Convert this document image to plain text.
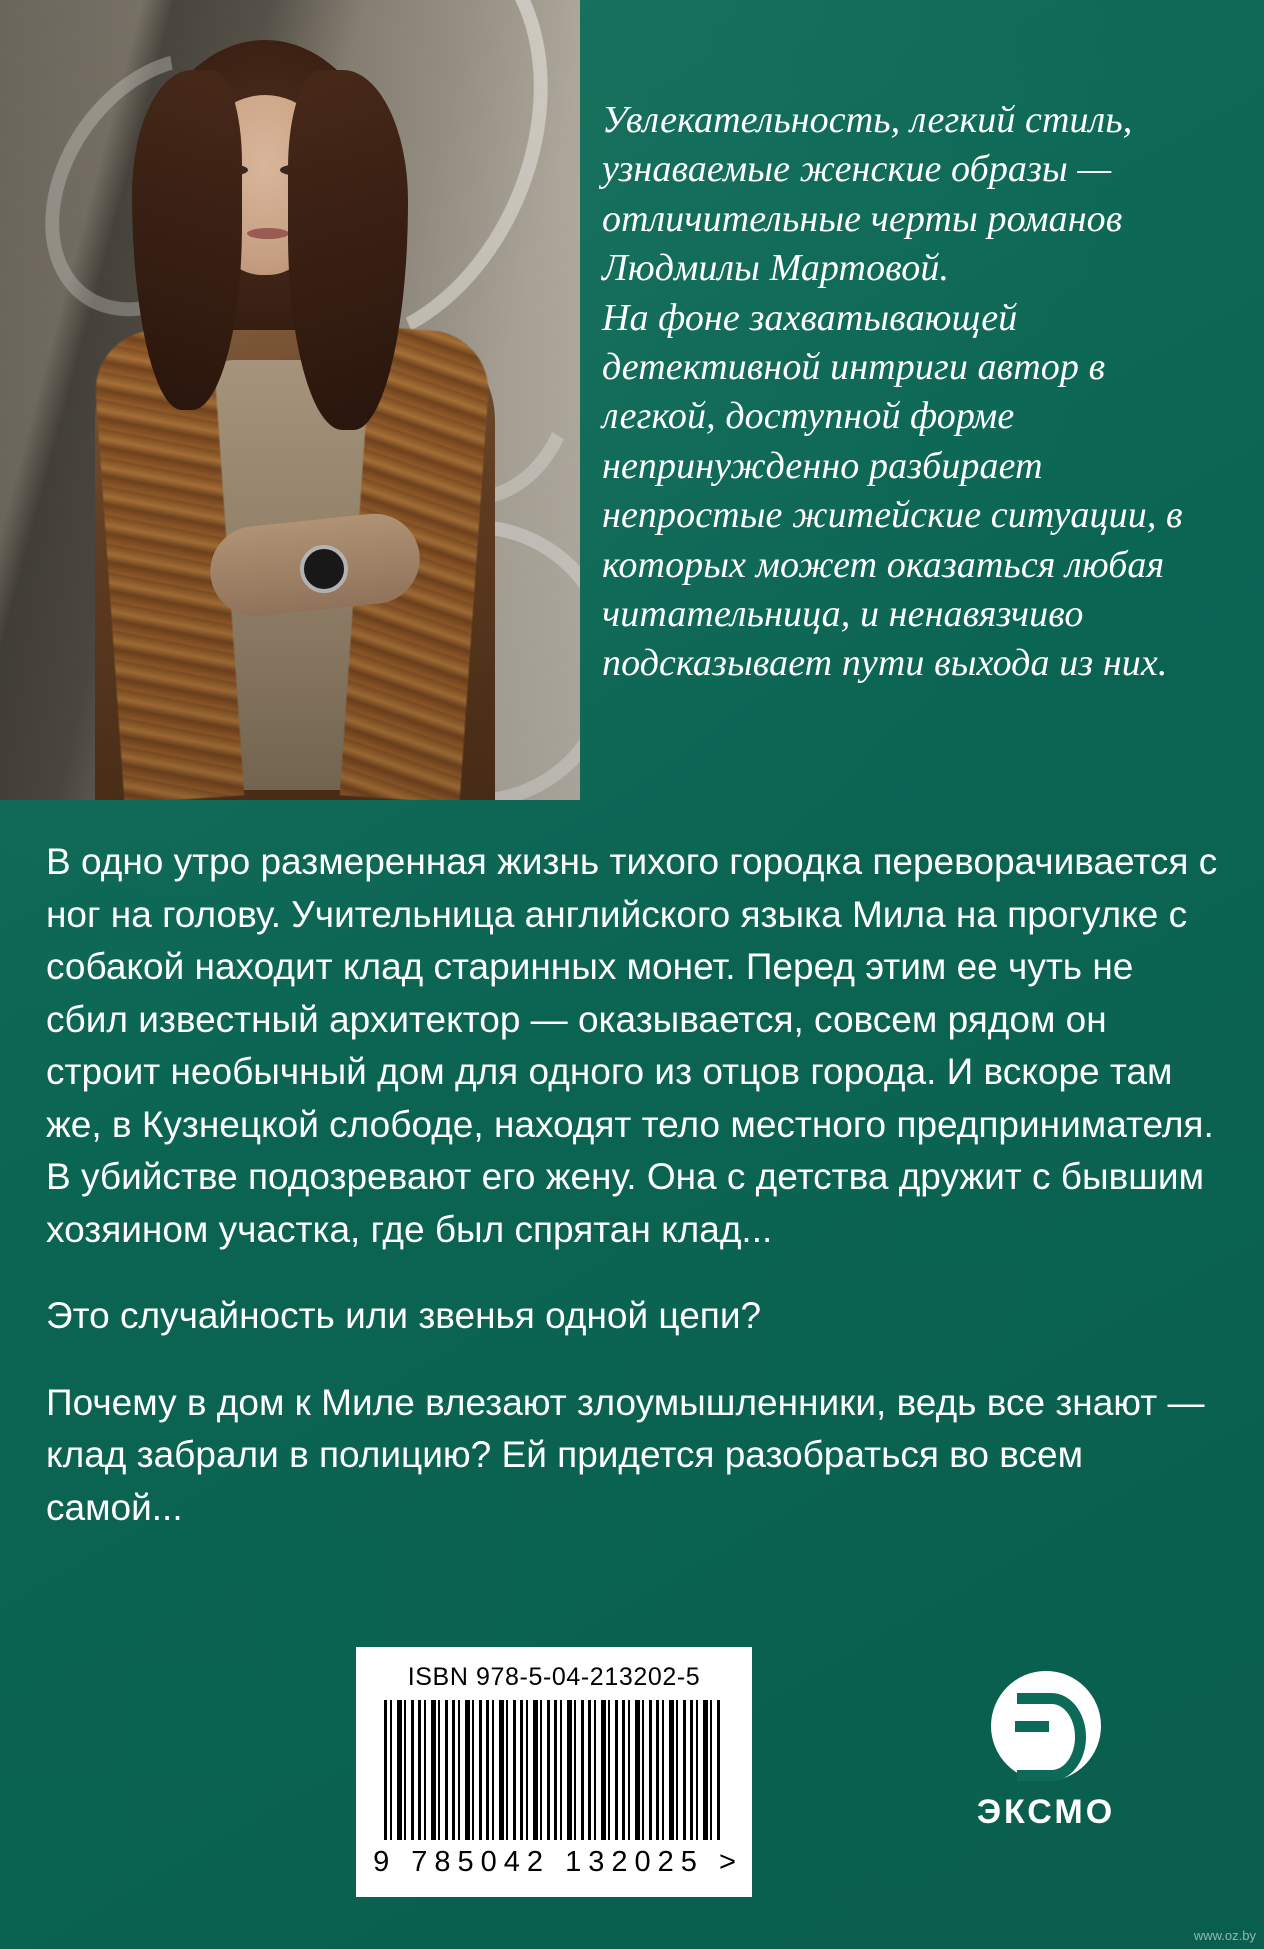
Увлекательность, легкий стиль, узнаваемые женские образы — отличительные черты романов Людмилы Мартовой.

На фоне захватывающей детективной интриги автор в легкой, доступной форме непринужденно разбирает непростые житейские ситуации, в которых может оказаться любая читательница, и ненавязчиво подсказывает пути выхода из них.

В одно утро размеренная жизнь тихого городка переворачивается с ног на голову. Учительница английского языка Мила на прогулке с собакой находит клад старинных монет. Перед этим ее чуть не сбил известный архитектор — оказывается, совсем рядом он строит необычный дом для одного из отцов города. И вскоре там же, в Кузнецкой слободе, находят тело местного предпринимателя. В убийстве подозревают его жену. Она с детства дружит с бывшим хозяином участка, где был спрятан клад...

Это случайность или звенья одной цепи?

Почему в дом к Миле влезают злоумышленники, ведь все знают — клад забрали в полицию? Ей придется разобраться во всем самой...

ISBN 978-5-04-213202-5
9 785042 132025 >
ЭКСМО
www.oz.by
